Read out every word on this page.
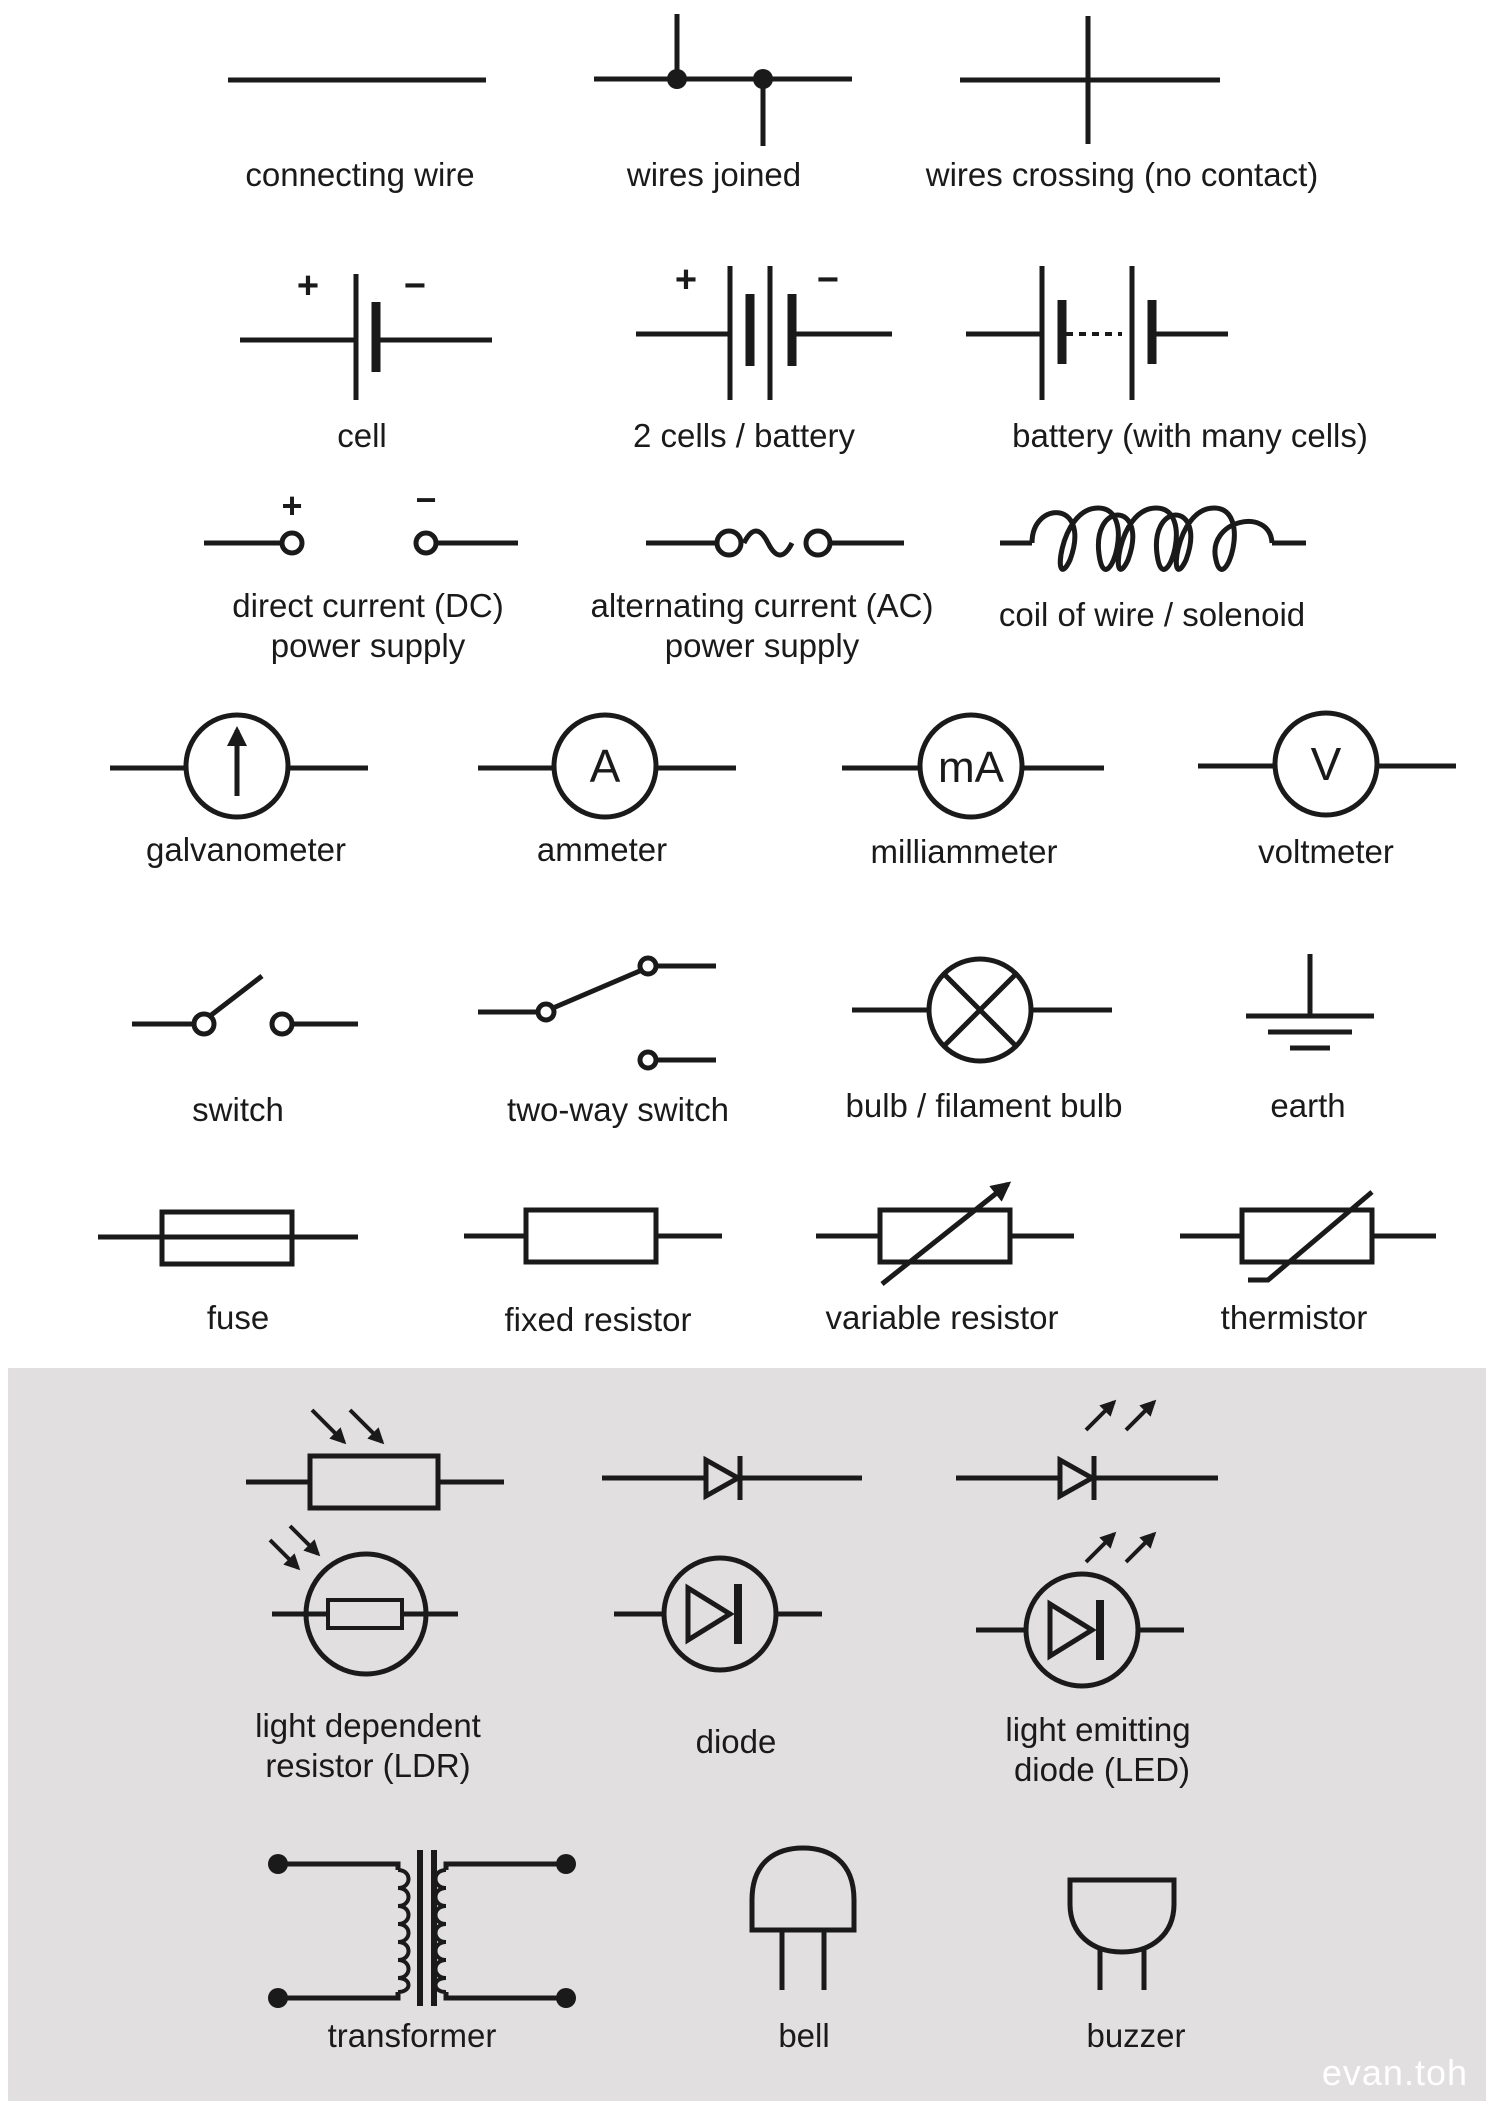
+ −	+	−
+	−
A	mA	V
connecting wire	wires joined	wires crossing (no contact)
cell	2 cells / battery	battery (with many cells)
direct current (DC)
power supply
alternating current (AC)
power supply
coil of wire / solenoid
galvanometer	ammeter	milliammeter	voltmeter
switch	two-way switch	bulb / filament bulb	earth
fuse	fixed resistor	variable resistor	thermistor
light dependent
resistor (LDR)
diode	light emitting
diode (LED)
transformer	bell	buzzer
evan.toh
